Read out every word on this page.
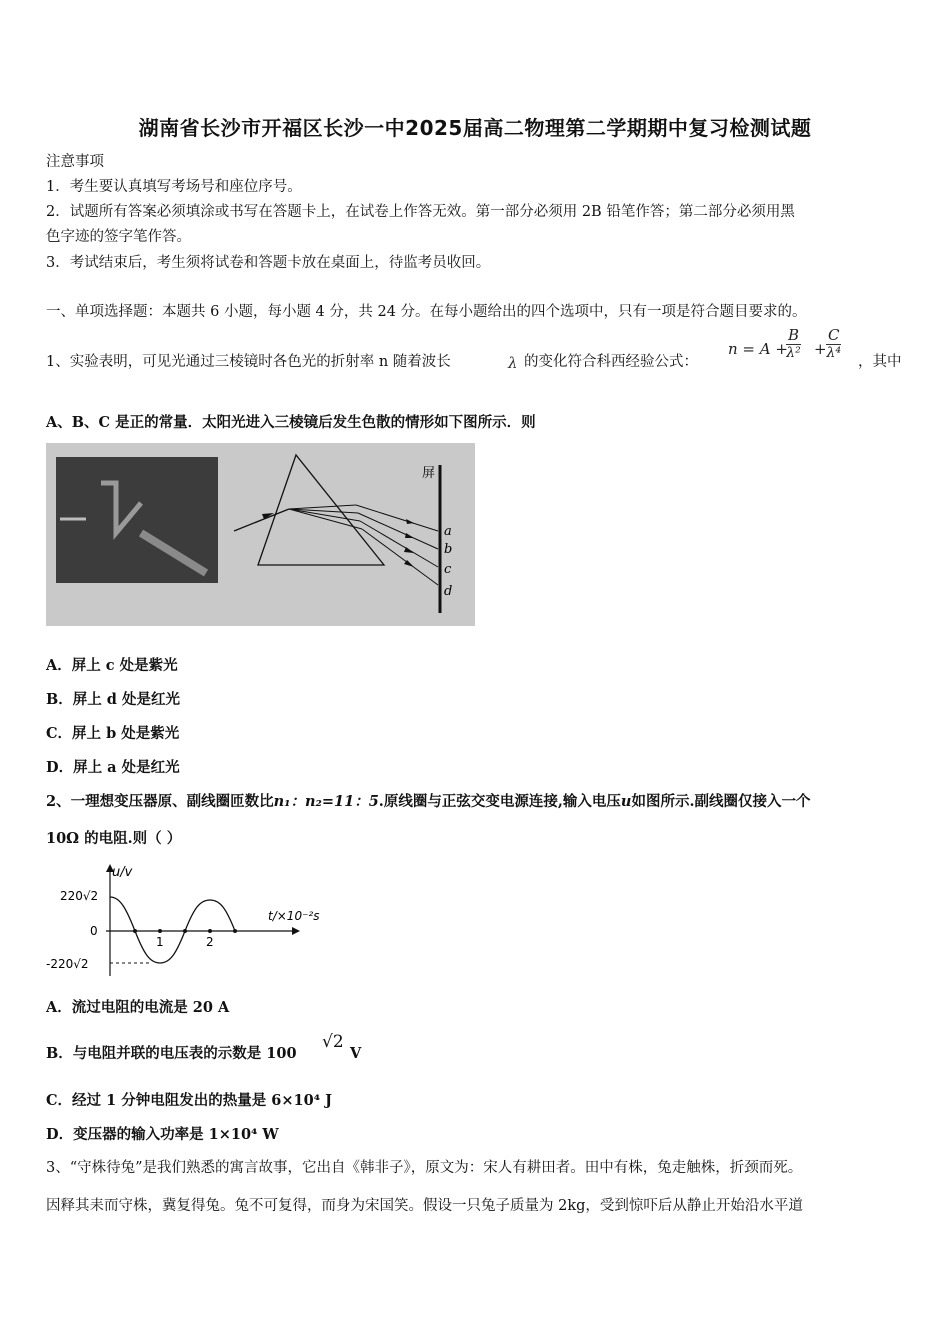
湖南省长沙市开福区长沙一中2025届高二物理第二学期期中复习检测试题
注意事项
1．考生要认真填写考场号和座位序号。
2．试题所有答案必须填涂或书写在答题卡上，在试卷上作答无效。第一部分必须用 2B 铅笔作答；第二部分必须用黑
色字迹的签字笔作答。
3．考试结束后，考生须将试卷和答题卡放在桌面上，待监考员收回。
一、单项选择题：本题共 6 小题，每小题 4 分，共 24 分。在每小题给出的四个选项中，只有一项是符合题目要求的。
1、实验表明，可见光通过三棱镜时各色光的折射率 n 随着波长	λ 的变化符合科西经验公式：
n = A +
$\frac{B}{\text{λ²}} + \frac{C}{\text{λ⁴}}$
，其中
A、B、C 是正的常量．太阳光进入三棱镜后发生色散的情形如下图所示．则
屏
a
b
c
d
A．屏上 c 处是紫光
B．屏上 d 处是红光
C．屏上 b 处是紫光
D．屏上 a 处是红光
2、一理想变压器原、副线圈匝数比n₁：n₂=11：5.原线圈与正弦交变电源连接,输入电压u如图所示.副线圈仅接入一个
10Ω 的电阻.则（ ）
u/v
t/×10⁻²s
220√2
0
-220√2
1	2
A．流过电阻的电流是 20 A
B．与电阻并联的电压表的示数是 100
√2
V
C．经过 1 分钟电阻发出的热量是 6×10⁴ J
D．变压器的输入功率是 1×10⁴ W
3、“守株待兔”是我们熟悉的寓言故事，它出自《韩非子》，原文为：宋人有耕田者。田中有株，兔走触株，折颈而死。
因释其耒而守株，冀复得兔。兔不可复得，而身为宋国笑。假设一只兔子质量为 2kg，受到惊吓后从静止开始沿水平道
